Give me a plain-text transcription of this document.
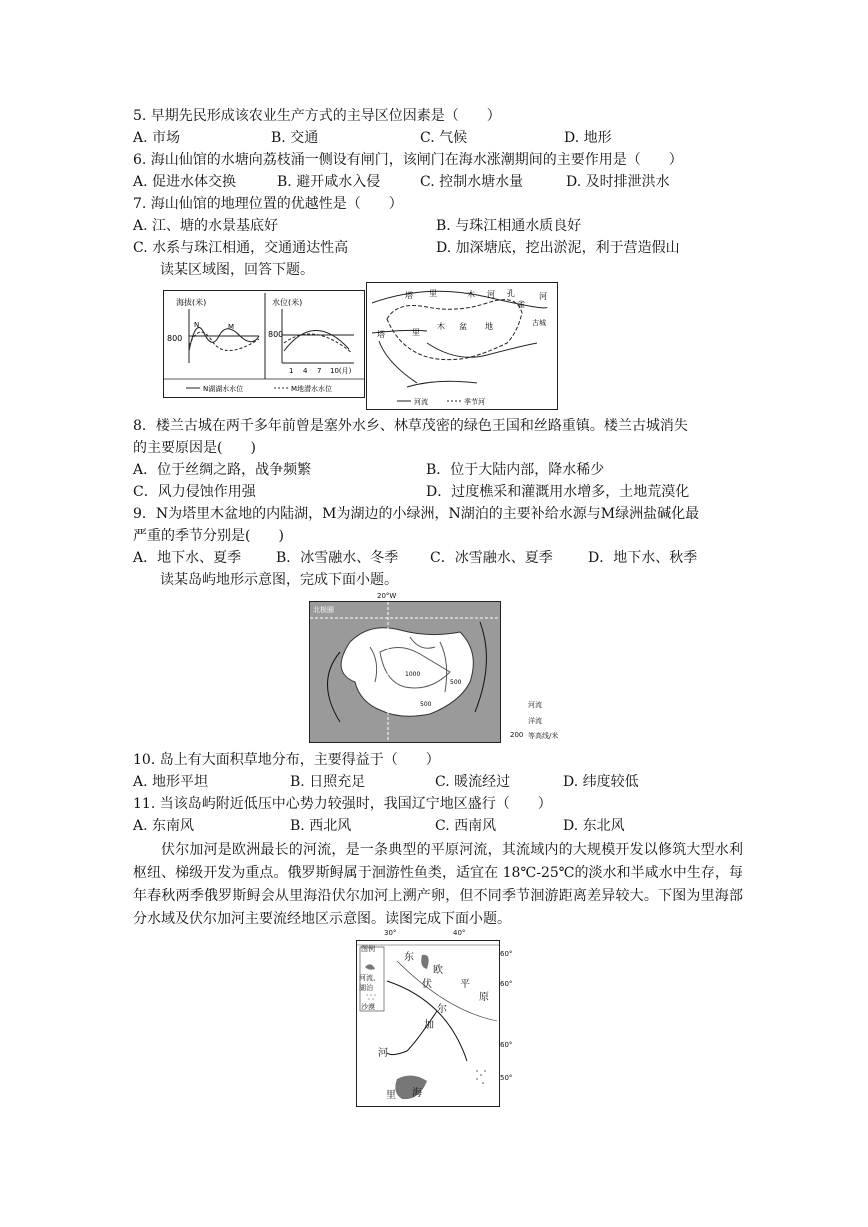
5. 早期先民形成该农业生产方式的主导区位因素是（　　）
A. 市场	B. 交通	C. 气候	D. 地形
6. 海山仙馆的水塘向荔枝涌一侧设有闸门，该闸门在海水涨潮期间的主要作用是（　　）
A. 促进水体交换	B. 避开咸水入侵	C. 控制水塘水量	D. 及时排泄洪水
7. 海山仙馆的地理位置的优越性是（　　）
A. 江、塘的水景基底好	B. 与珠江相通水质良好
C. 水系与珠江相通，交通通达性高	D. 加深塘底，挖出淤泥，利于营造假山
读某区域图，回答下题。
海拔(米)	水位(米)
800	800
N	M
1 4 7 10(月)
N湖湖水水位	M地潜水水位
塔 里	木 河
塔	里
木 盆 地
孔
雀
河
古城
河流	季节河
8．楼兰古城在两千多年前曾是塞外水乡、林草茂密的绿色王国和丝路重镇。楼兰古城消失
的主要原因是(　　)
A．位于丝绸之路，战争频繁	B．位于大陆内部，降水稀少
C．风力侵蚀作用强	D．过度樵采和灌溉用水增多，土地荒漠化
9．N为塔里木盆地的内陆湖，M为湖边的小绿洲，N湖泊的主要补给水源与M绿洲盐碱化最
严重的季节分别是(　　)
A．地下水、夏季 B．冰雪融水、冬季 C．冰雪融水、夏季	D．地下水、秋季
读某岛屿地形示意图，完成下面小题。
北极圈
1000
500
500
20°W
河流
洋流
200 等高线/米
10. 岛上有大面积草地分布，主要得益于（　　）
A. 地形平坦	B. 日照充足	C. 暖流经过	D. 纬度较低
11. 当该岛屿附近低压中心势力较强时，我国辽宁地区盛行（　　）
A. 东南风	B. 西北风	C. 西南风	D. 东北风
伏尔加河是欧洲最长的河流，是一条典型的平原河流，其流域内的大规模开发以修筑大型水利枢纽、梯级开发为重点。俄罗斯鲟属于洄游性鱼类，适宜在 18℃-25℃的淡水和半咸水中生存，每年春秋两季俄罗斯鲟会从里海沿伏尔加河上溯产卵，但不同季节洄游距离差异较大。下图为里海部分水域及伏尔加河主要流经地区示意图。读图完成下面小题。
30°	40°
60°
60°
60°
50°
图例
河流、湖泊
沙漠
东
欧
伏	平
原
尔
加
河
里 海
